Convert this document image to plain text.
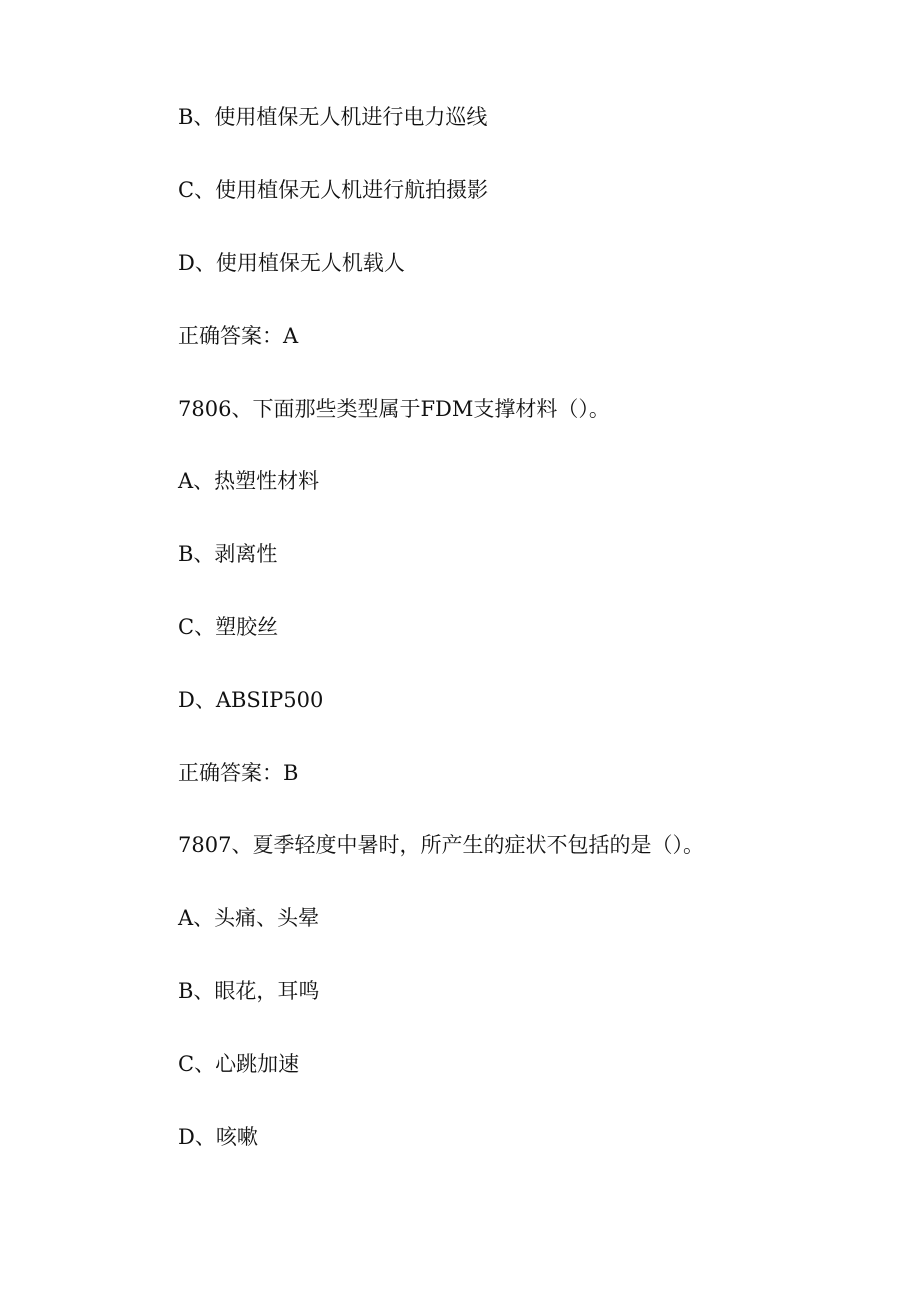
B、使用植保无人机进行电力巡线
C、使用植保无人机进行航拍摄影
D、使用植保无人机载人
正确答案：A
7806、下面那些类型属于FDM支撑材料（）。
A、热塑性材料
B、剥离性
C、塑胶丝
D、ABSIP500
正确答案：B
7807、夏季轻度中暑时，所产生的症状不包括的是（）。
A、头痛、头晕
B、眼花，耳鸣
C、心跳加速
D、咳嗽
